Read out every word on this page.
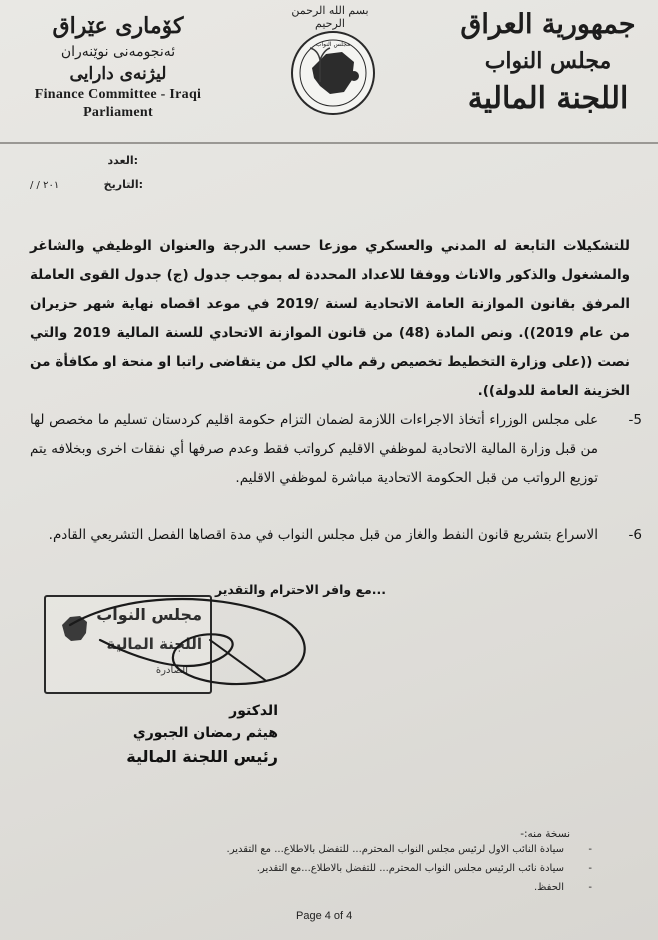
جمهورية العراق
مجلس النواب
اللجنة المالية
كۆماری عێراق
ئه‌نجومه‌نی نوێنه‌ران
لیژنه‌ی دارایی
Finance Committee - Iraqi
Parliament
بسم الله الرحمن الرحيم
مجلس النواب
العدد:
التاريخ:
/ / ٢٠١
للتشكيلات التابعة له المدني والعسكري موزعا حسب الدرجة والعنوان الوظيفي والشاغر والمشغول والذكور والاناث ووفقا للاعداد المحددة له بموجب جدول (ج) جدول القوى العاملة المرفق بقانون الموازنة العامة الاتحادية لسنة /2019 في موعد اقصاه نهاية شهر حزيران من عام 2019)). ونص المادة (48) من قانون الموازنة الاتحادي للسنة المالية 2019 والتي نصت ((على وزارة التخطيط تخصيص رقم مالي لكل من يتقاضى راتبا او منحة او مكافأة من الخزينة العامة للدولة)).
5-
على مجلس الوزراء أتخاذ الاجراءات اللازمة لضمان التزام حكومة اقليم كردستان تسليم ما مخصص لها من قبل وزارة المالية الاتحادية لموظفي الاقليم كرواتب فقط وعدم صرفها أي نفقات اخرى وبخلافه يتم توزيع الرواتب من قبل الحكومة الاتحادية مباشرة لموظفي الاقليم.
6-
الاسراع بتشريع قانون النفط والغاز من قبل مجلس النواب في مدة اقصاها الفصل التشريعي القادم.
مع وافر الاحترام والتقدير...
مجلس النواب
اللجنة المالية
الصادرة
الدكتور
هيثم رمضان الجبوري
رئيس اللجنة المالية
نسخة منه:-
- سيادة النائب الاول لرئيس مجلس النواب المحترم... للتفضل بالاطلاع... مع التقدير.
- سيادة نائب الرئيس مجلس النواب المحترم... للتفضل بالاطلاع...مع التقدير.
- الحفظ.
Page 4 of 4
